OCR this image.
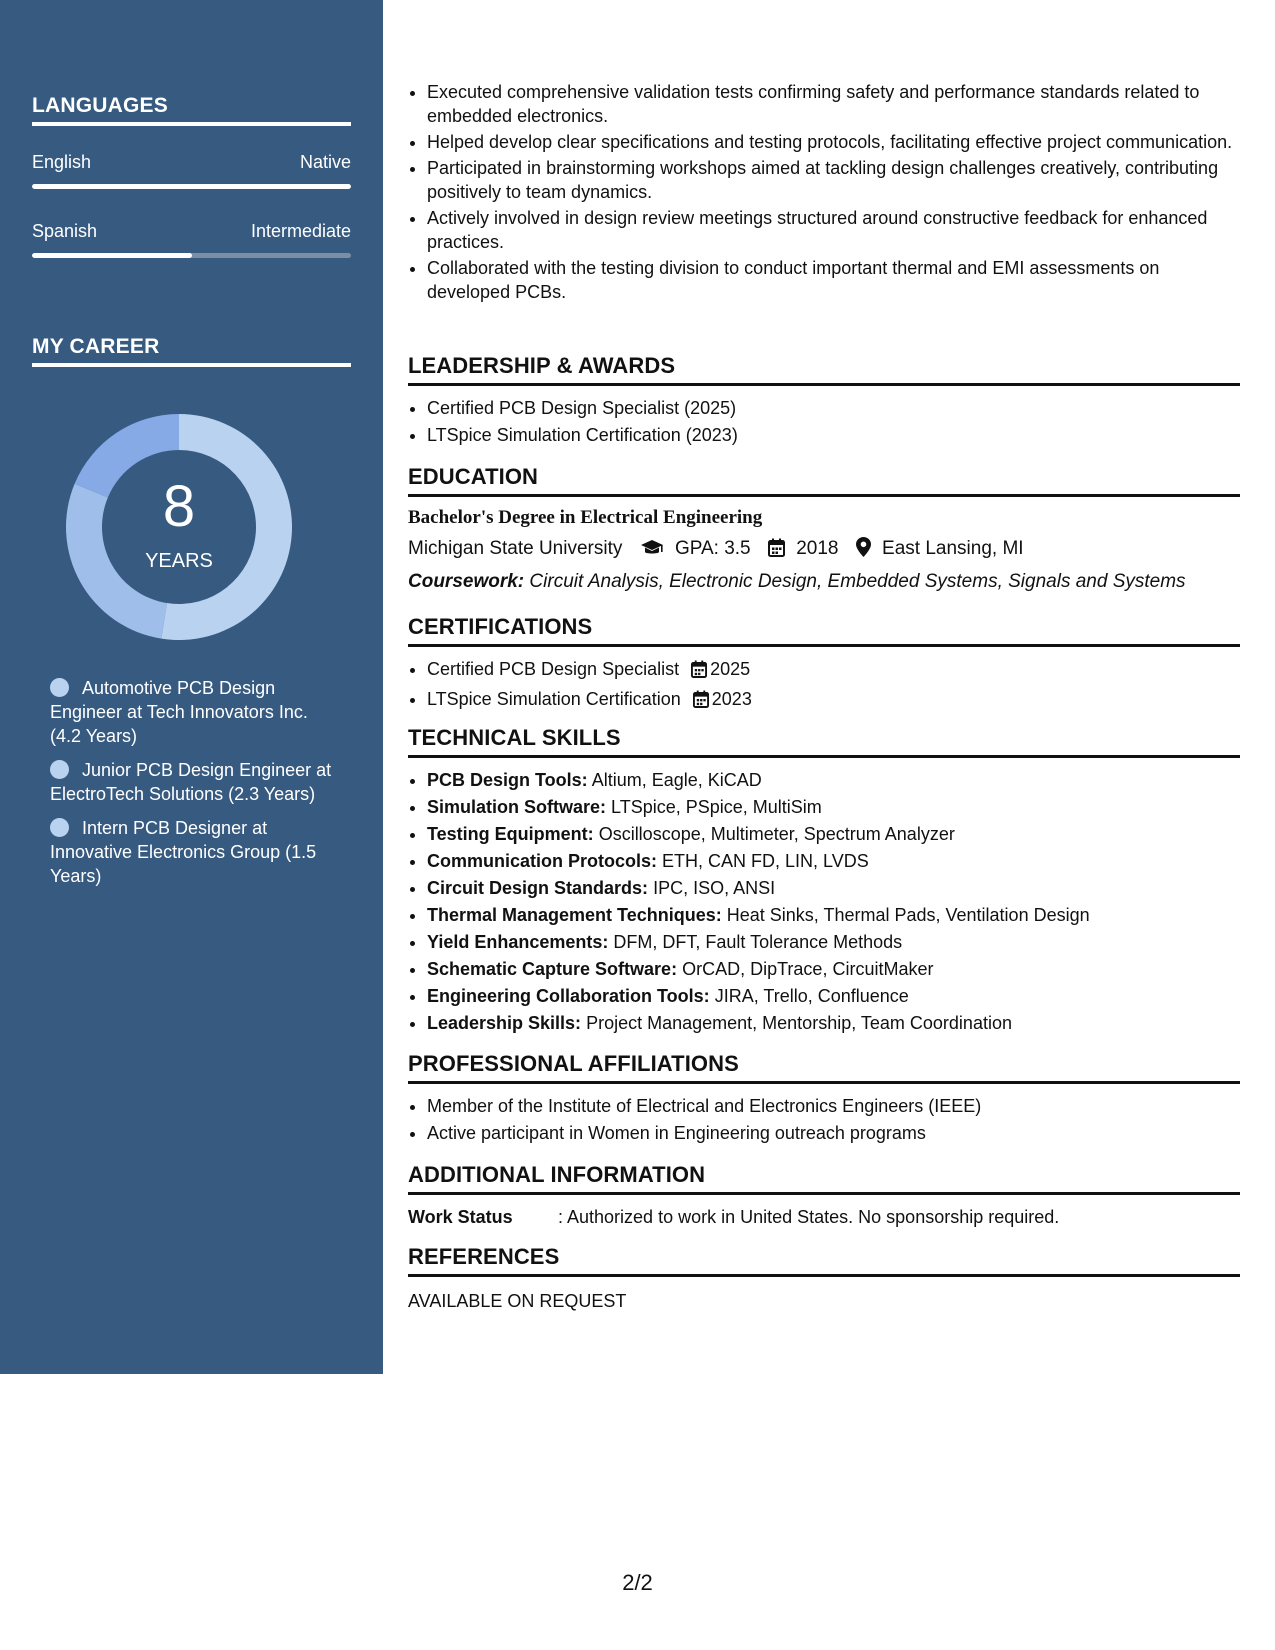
LANGUAGES
English	Native
Spanish	Intermediate
MY CAREER
8
YEARS
Automotive PCB Design Engineer at Tech Innovators Inc. (4.2 Years)
Junior PCB Design Engineer at ElectroTech Solutions (2.3 Years)
Intern PCB Designer at Innovative Electronics Group (1.5 Years)
• Executed comprehensive validation tests confirming safety and performance standards related to embedded electronics.
• Helped develop clear specifications and testing protocols, facilitating effective project communication.
• Participated in brainstorming workshops aimed at tackling design challenges creatively, contributing positively to team dynamics.
• Actively involved in design review meetings structured around constructive feedback for enhanced practices.
• Collaborated with the testing division to conduct important thermal and EMI assessments on developed PCBs.
LEADERSHIP & AWARDS
• Certified PCB Design Specialist (2025)
• LTSpice Simulation Certification (2023)
EDUCATION
Bachelor's Degree in Electrical Engineering
Michigan State University	GPA: 3.5 2018 East Lansing, MI
Coursework: Circuit Analysis, Electronic Design, Embedded Systems, Signals and Systems
CERTIFICATIONS
• Certified PCB Design Specialist 2025
• LTSpice Simulation Certification 2023
TECHNICAL SKILLS
• PCB Design Tools: Altium, Eagle, KiCAD
• Simulation Software: LTSpice, PSpice, MultiSim
• Testing Equipment: Oscilloscope, Multimeter, Spectrum Analyzer
• Communication Protocols: ETH, CAN FD, LIN, LVDS
• Circuit Design Standards: IPC, ISO, ANSI
• Thermal Management Techniques: Heat Sinks, Thermal Pads, Ventilation Design
• Yield Enhancements: DFM, DFT, Fault Tolerance Methods
• Schematic Capture Software: OrCAD, DipTrace, CircuitMaker
• Engineering Collaboration Tools: JIRA, Trello, Confluence
• Leadership Skills: Project Management, Mentorship, Team Coordination
PROFESSIONAL AFFILIATIONS
• Member of the Institute of Electrical and Electronics Engineers (IEEE)
• Active participant in Women in Engineering outreach programs
ADDITIONAL INFORMATION
Work Status	: Authorized to work in United States. No sponsorship required.
REFERENCES
AVAILABLE ON REQUEST
2/2
